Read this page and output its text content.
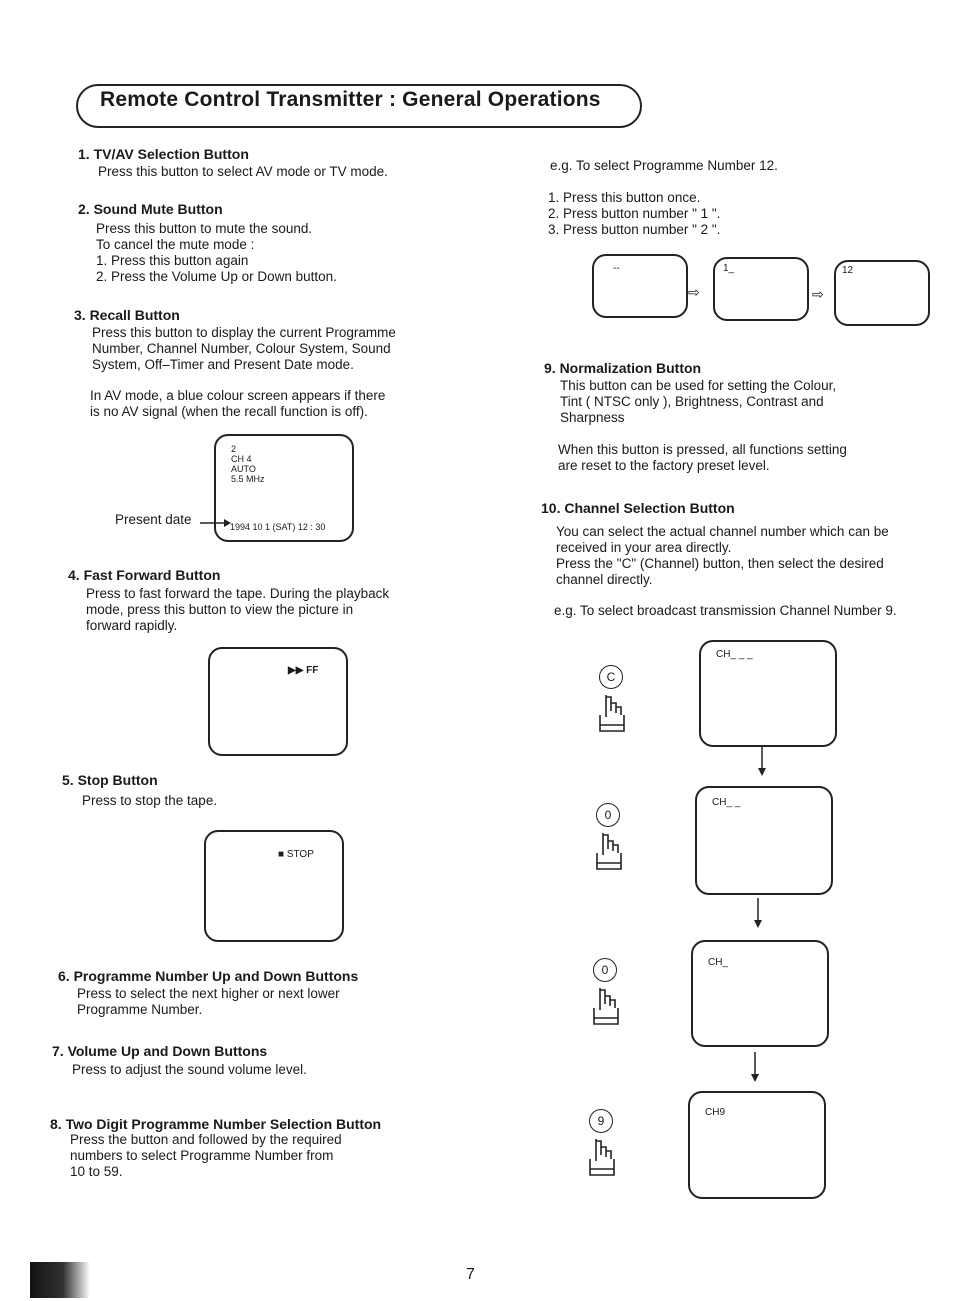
Remote Control Transmitter : General Operations
1. TV/AV Selection Button
Press this button to select AV mode or TV mode.
2. Sound Mute Button
Press this button to mute the sound.
To cancel the mute mode :
1. Press this button again
2. Press the Volume Up or Down button.
3. Recall Button
Press this button to display the current Programme
Number, Channel Number, Colour System, Sound
System, Off–Timer and Present Date mode.
In AV mode, a blue colour screen appears if there
is no AV signal (when the recall function is off).
2
CH 4
AUTO
5.5 MHz
1994 10 1 (SAT) 12 : 30
Present date
4. Fast Forward Button
Press to fast forward the tape. During the playback
mode, press this button to view the picture in
forward rapidly.
▶▶ FF
5. Stop Button
Press to stop the tape.
■ STOP
6. Programme Number Up and Down Buttons
Press to select the next higher or next lower
Programme Number.
7. Volume Up and Down Buttons
Press to adjust the sound volume level.
8. Two Digit Programme Number Selection Button
Press the button and followed by the required
numbers to select Programme Number from
10 to 59.
e.g. To select Programme Number 12.
1. Press this button once.
2. Press button number " 1 ".
3. Press button number " 2 ".
--
⇨
1_
⇨
12
9. Normalization Button
This button can be used for setting the Colour,
Tint ( NTSC only ), Brightness, Contrast and
Sharpness
When this button is pressed, all functions setting
are reset to the factory preset level.
10. Channel Selection Button
You can select the actual channel number which can be
received in your area directly.
Press the "C" (Channel) button, then select the desired
channel directly.
e.g. To select broadcast transmission Channel Number 9.
C
CH_ _ _
0
CH_ _
0
CH_
9
CH9
7
